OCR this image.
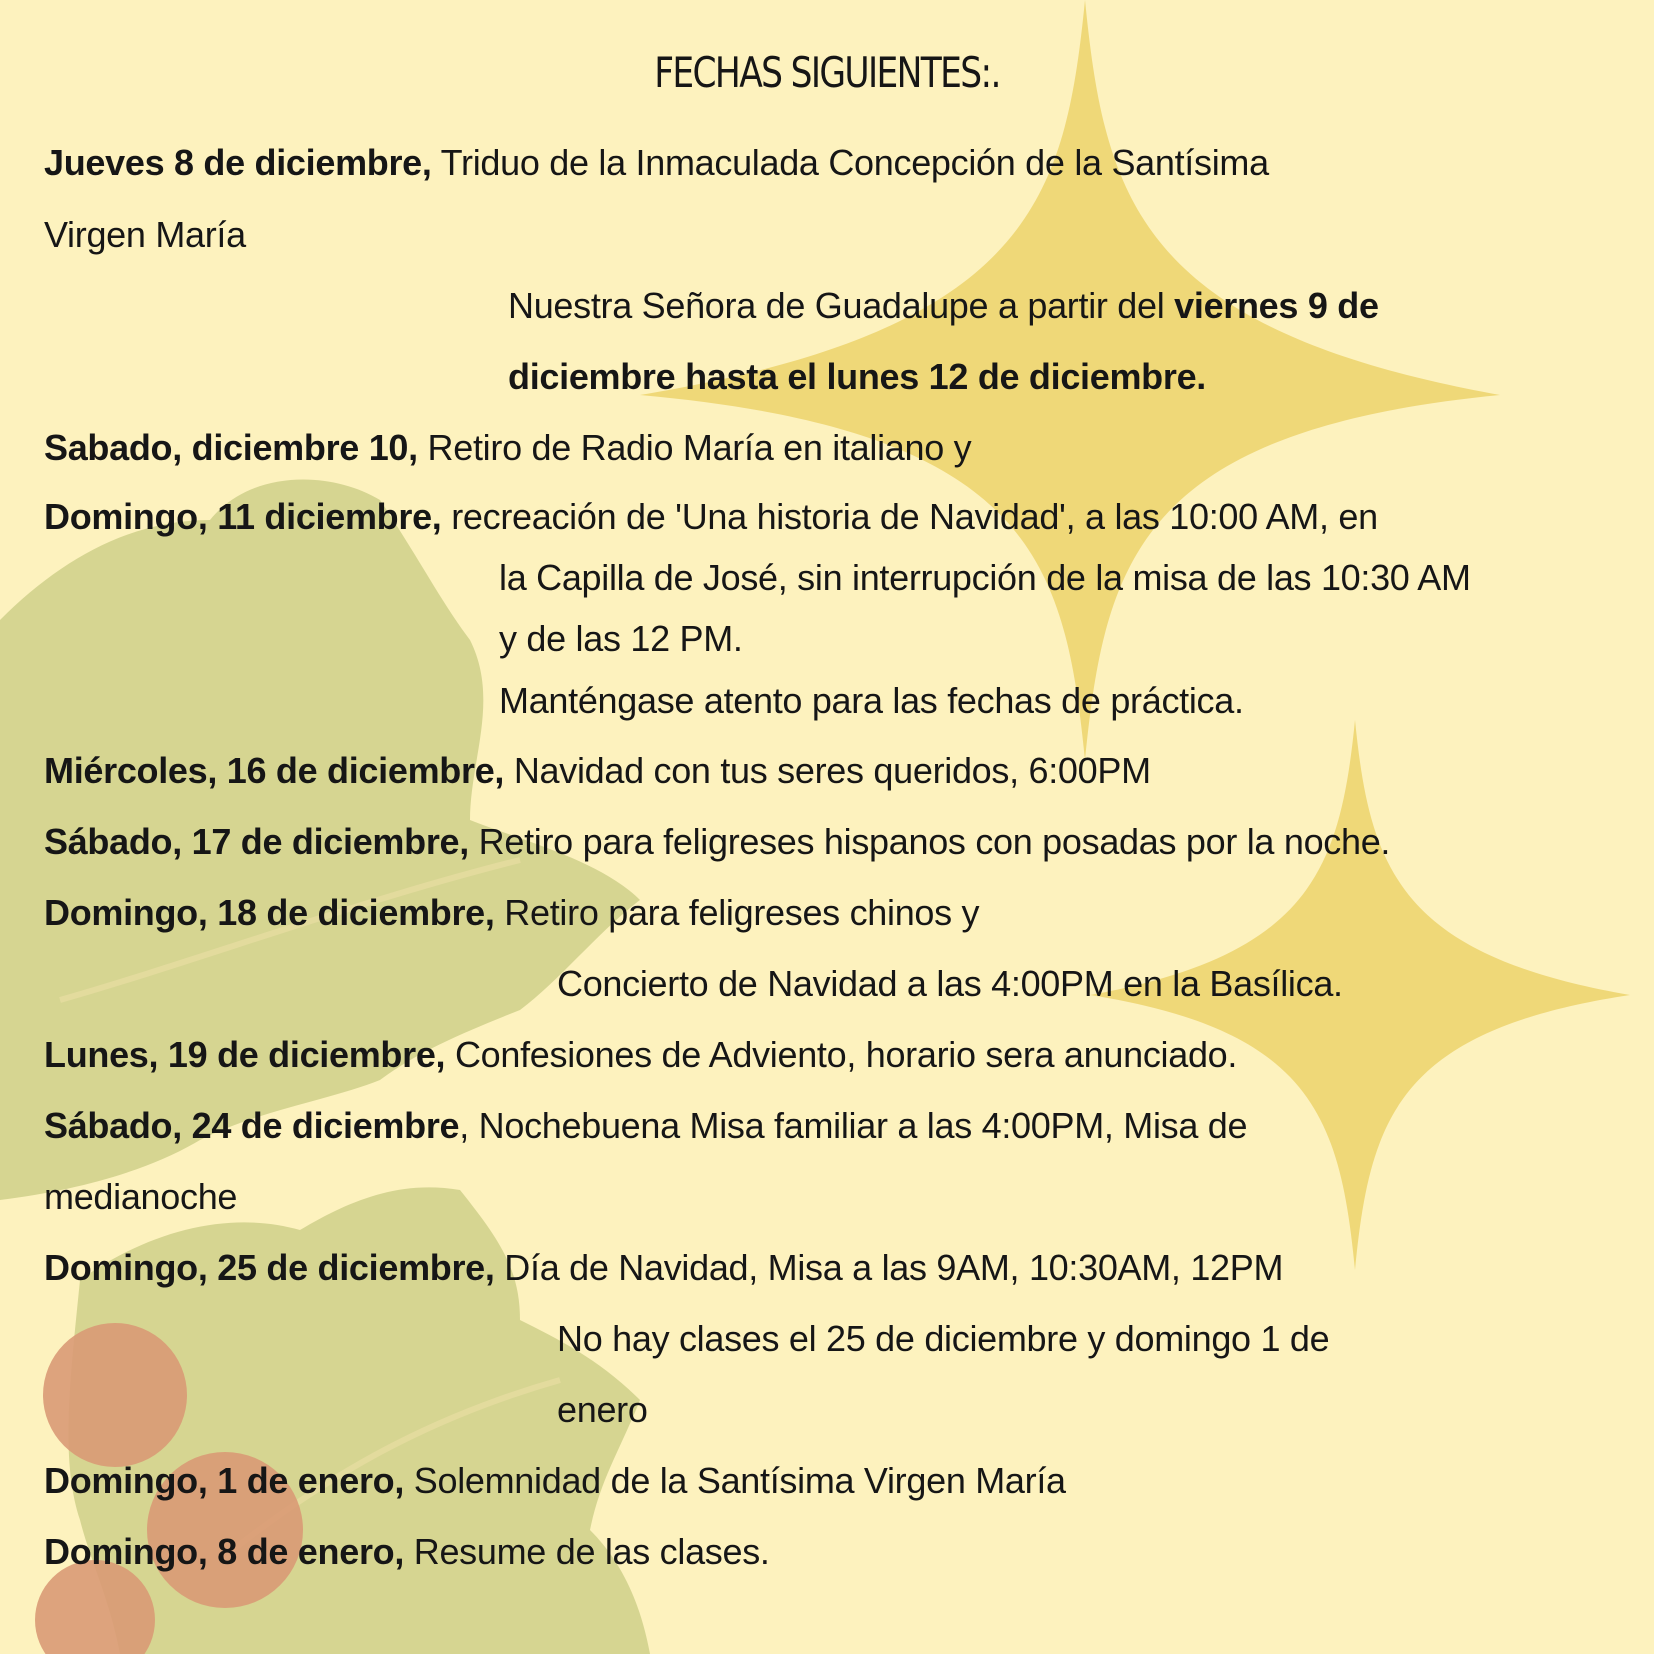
FECHAS SIGUIENTES:.

Jueves 8 de diciembre, Triduo de la Inmaculada Concepción de la Santísima

Virgen María

Nuestra Señora de Guadalupe a partir del viernes 9 de

diciembre hasta el lunes 12 de diciembre.

Sabado, diciembre 10, Retiro de Radio María en italiano y

Domingo, 11 diciembre, recreación de 'Una historia de Navidad', a las 10:00 AM, en

la Capilla de José, sin interrupción de la misa de las 10:30 AM

y de las 12 PM.

Manténgase atento para las fechas de práctica.

Miércoles, 16 de diciembre, Navidad con tus seres queridos, 6:00PM

Sábado, 17 de diciembre, Retiro para feligreses hispanos con posadas por la noche.

Domingo, 18 de diciembre, Retiro para feligreses chinos y

Concierto de Navidad a las 4:00PM en la Basílica.

Lunes, 19 de diciembre, Confesiones de Adviento, horario sera anunciado.

Sábado, 24 de diciembre, Nochebuena Misa familiar a las 4:00PM, Misa de

medianoche

Domingo, 25 de diciembre, Día de Navidad, Misa a las 9AM, 10:30AM, 12PM

No hay clases el 25 de diciembre y domingo 1 de

enero

Domingo, 1 de enero, Solemnidad de la Santísima Virgen María

Domingo, 8 de enero, Resume de las clases.
